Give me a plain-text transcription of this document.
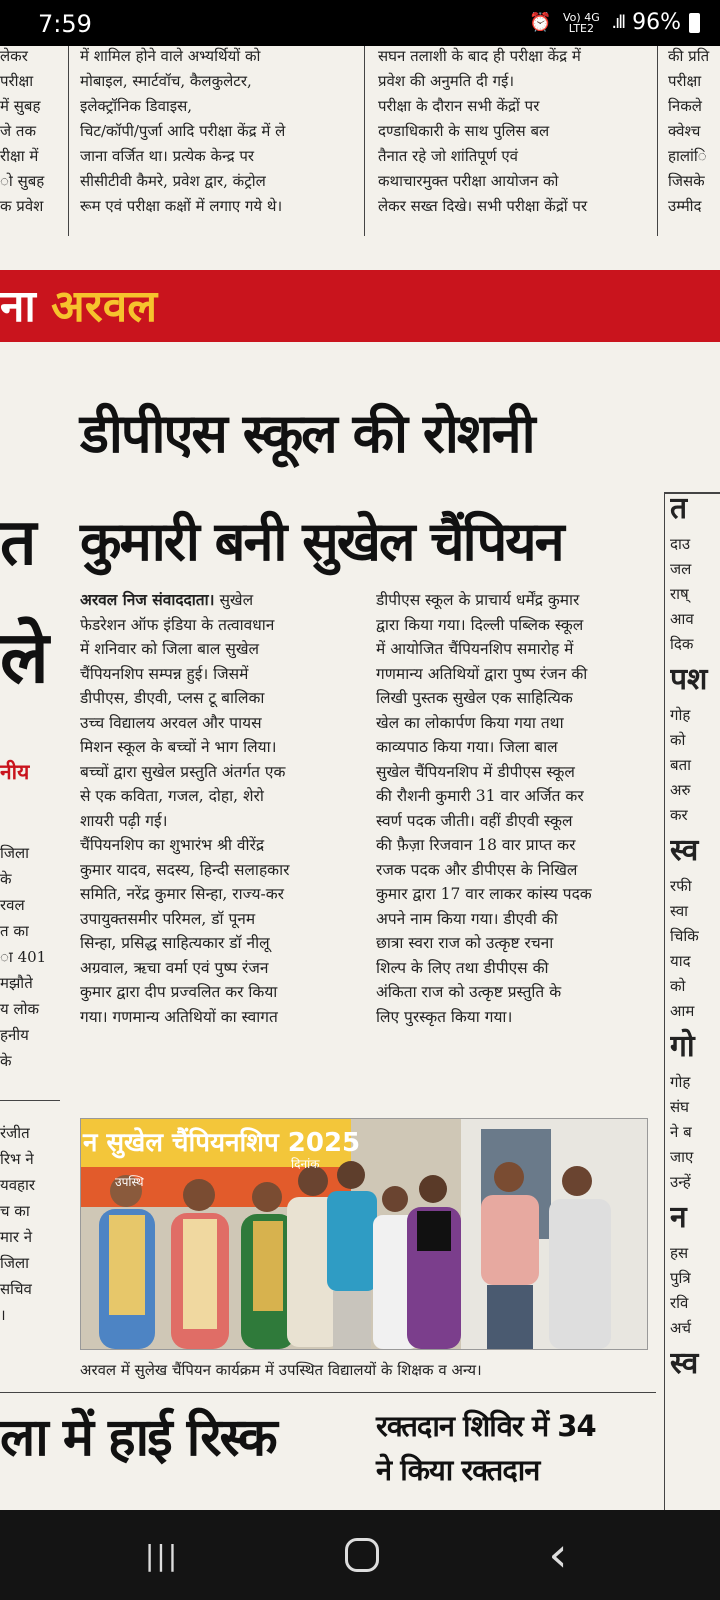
7:59	⏰	Vo) 4G LTE2 .ıll 96%
लेकर
परीक्षा
में सुबह
जे तक
रीक्षा में
ो सुबह
क प्रवेश
में शामिल होने वाले अभ्यर्थियों को
मोबाइल, स्मार्टवॉच, कैलकुलेटर,
इलेक्ट्रॉनिक डिवाइस,
चिट/कॉपी/पुर्जा आदि परीक्षा केंद्र में ले
जाना वर्जित था। प्रत्येक केन्द्र पर
सीसीटीवी कैमरे, प्रवेश द्वार, कंट्रोल
रूम एवं परीक्षा कक्षों में लगाए गये थे।
सघन तलाशी के बाद ही परीक्षा केंद्र में
प्रवेश की अनुमति दी गई।
परीक्षा के दौरान सभी केंद्रों पर
दण्डाधिकारी के साथ पुलिस बल
तैनात रहे जो शांतिपूर्ण एवं
कथाचारमुक्त परीक्षा आयोजन को
लेकर सख्त दिखे। सभी परीक्षा केंद्रों पर
की प्रति
परीक्षा
निकले
क्वेश्च
हालांि
जिसके
उम्मीद
ना अरवल
डीपीएस स्कूल की रोशनी
कुमारी बनी सुखेल चैंपियन
त
ले
नीय
जिला
के
रवल
त का
ा 401
मझौते
य लोक
हनीय
के
रंजीत
रिभ ने
यवहार
च का
मार ने
जिला
सचिव
।
अरवल निज संवाददाता। सुखेल
फेडरेशन ऑफ इंडिया के तत्वावधान
में शनिवार को जिला बाल सुखेल
चैंपियनशिप सम्पन्न हुई। जिसमें
डीपीएस, डीएवी, प्लस टू बालिका
उच्च विद्यालय अरवल और पायस
मिशन स्कूल के बच्चों ने भाग लिया।
बच्चों द्वारा सुखेल प्रस्तुति अंतर्गत एक
से एक कविता, गजल, दोहा, शेरो
शायरी पढ़ी गई।
चैंपियनशिप का शुभारंभ श्री वीरेंद्र
कुमार यादव, सदस्य, हिन्दी सलाहकार
समिति, नरेंद्र कुमार सिन्हा, राज्य-कर
उपायुक्तसमीर परिमल, डॉ पूनम
सिन्हा, प्रसिद्ध साहित्यकार डॉ नीलू
अग्रवाल, ऋचा वर्मा एवं पुष्प रंजन
कुमार द्वारा दीप प्रज्वलित कर किया
गया। गणमान्य अतिथियों का स्वागत
डीपीएस स्कूल के प्राचार्य धर्मेंद्र कुमार
द्वारा किया गया। दिल्ली पब्लिक स्कूल
में आयोजित चैंपियनशिप समारोह में
गणमान्य अतिथियों द्वारा पुष्प रंजन की
लिखी पुस्तक सुखेल एक साहित्यिक
खेल का लोकार्पण किया गया तथा
काव्यपाठ किया गया। जिला बाल
सुखेल चैंपियनशिप में डीपीएस स्कूल
की रौशनी कुमारी 31 वार अर्जित कर
स्वर्ण पदक जीती। वहीं डीएवी स्कूल
की फ़ैज़ा रिजवान 18 वार प्राप्त कर
रजक पदक और डीपीएस के निखिल
कुमार द्वारा 17 वार लाकर कांस्य पदक
अपने नाम किया गया। डीएवी की
छात्रा स्वरा राज को उत्कृष्ट रचना
शिल्प के लिए तथा डीपीएस की
अंकिता राज को उत्कृष्ट प्रस्तुति के
लिए पुरस्कृत किया गया।
न सुखेल चैंपियनशिप 2025
दिनांक
उपस्थि
अरवल में सुलेख चैंपियन कार्यक्रम में उपस्थित विद्यालयों के शिक्षक व अन्य।
ला में हाई रिस्क	रक्तदान शिविर में 34
ने किया रक्तदान
त
दाउ
जल
राष्
आव
दिक
पश
गोह
को
बता
अरु
कर
स्व
रफी
स्वा
चिकि
याद
को
आम
गो
गोह
संघ
ने ब
जाए
उन्हें
न
हस
पुत्रि
रवि
अर्च
स्व
|||	‹
